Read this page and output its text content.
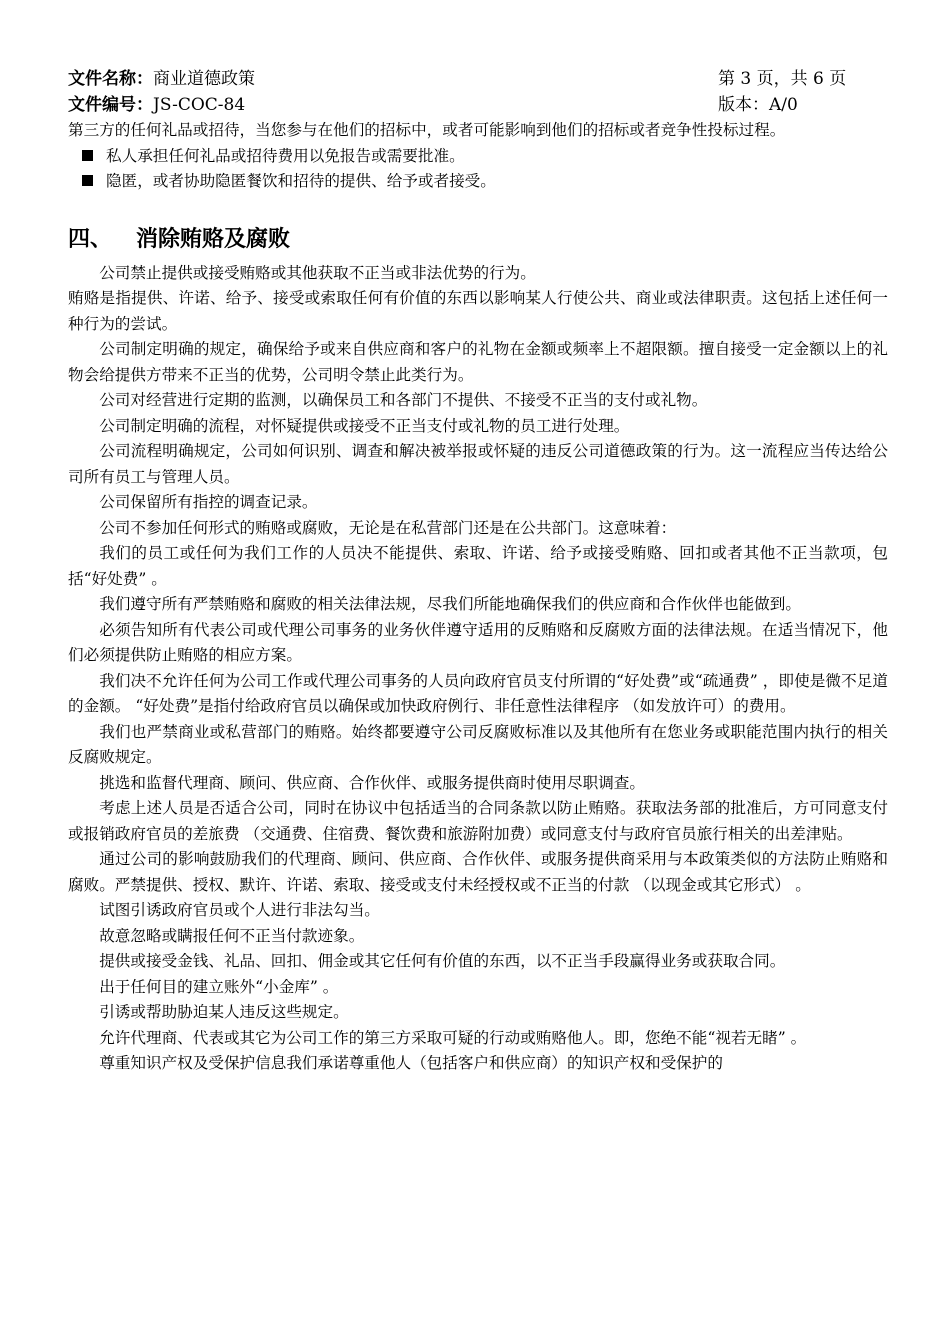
文件名称：商业道德政策
文件编号：JS-COC-84
第 3 页，共 6 页
版本：A/0

第三方的任何礼品或招待，当您参与在他们的招标中，或者可能影响到他们的招标或者竞争性投标过程。

私人承担任何礼品或招待费用以免报告或需要批准。

隐匿，或者协助隐匿餐饮和招待的提供、给予或者接受。

四、	消除贿赂及腐败

公司禁止提供或接受贿赂或其他获取不正当或非法优势的行为。

贿赂是指提供、许诺、给予、接受或索取任何有价值的东西以影响某人行使公共、商业或法律职责。这包括上述任何一种行为的尝试。

公司制定明确的规定，确保给予或来自供应商和客户的礼物在金额或频率上不超限额。擅自接受一定金额以上的礼物会给提供方带来不正当的优势，公司明令禁止此类行为。

公司对经营进行定期的监测，以确保员工和各部门不提供、不接受不正当的支付或礼物。

公司制定明确的流程，对怀疑提供或接受不正当支付或礼物的员工进行处理。

公司流程明确规定，公司如何识别、调查和解决被举报或怀疑的违反公司道德政策的行为。这一流程应当传达给公司所有员工与管理人员。

公司保留所有指控的调查记录。

公司不参加任何形式的贿赂或腐败，无论是在私营部门还是在公共部门。这意味着：

我们的员工或任何为我们工作的人员决不能提供、索取、许诺、给予或接受贿赂、回扣或者其他不正当款项，包括“好处费” 。

我们遵守所有严禁贿赂和腐败的相关法律法规，尽我们所能地确保我们的供应商和合作伙伴也能做到。

必须告知所有代表公司或代理公司事务的业务伙伴遵守适用的反贿赂和反腐败方面的法律法规。在适当情况下，他们必须提供防止贿赂的相应方案。

我们决不允许任何为公司工作或代理公司事务的人员向政府官员支付所谓的“好处费”或“疏通费” ，即使是微不足道的金额。 “好处费”是指付给政府官员以确保或加快政府例行、非任意性法律程序 （如发放许可）的费用。

我们也严禁商业或私营部门的贿赂。始终都要遵守公司反腐败标准以及其他所有在您业务或职能范围内执行的相关反腐败规定。

挑选和监督代理商、顾问、供应商、合作伙伴、或服务提供商时使用尽职调查。

考虑上述人员是否适合公司，同时在协议中包括适当的合同条款以防止贿赂。获取法务部的批准后，方可同意支付或报销政府官员的差旅费 （交通费、住宿费、餐饮费和旅游附加费）或同意支付与政府官员旅行相关的出差津贴。

通过公司的影响鼓励我们的代理商、顾问、供应商、合作伙伴、或服务提供商采用与本政策类似的方法防止贿赂和腐败。严禁提供、授权、默许、许诺、索取、接受或支付未经授权或不正当的付款 （以现金或其它形式） 。

试图引诱政府官员或个人进行非法勾当。

故意忽略或瞒报任何不正当付款迹象。

提供或接受金钱、礼品、回扣、佣金或其它任何有价值的东西，以不正当手段赢得业务或获取合同。

出于任何目的建立账外“小金库” 。

引诱或帮助胁迫某人违反这些规定。

允许代理商、代表或其它为公司工作的第三方采取可疑的行动或贿赂他人。即，您绝不能“视若无睹” 。

尊重知识产权及受保护信息我们承诺尊重他人（包括客户和供应商）的知识产权和受保护的
